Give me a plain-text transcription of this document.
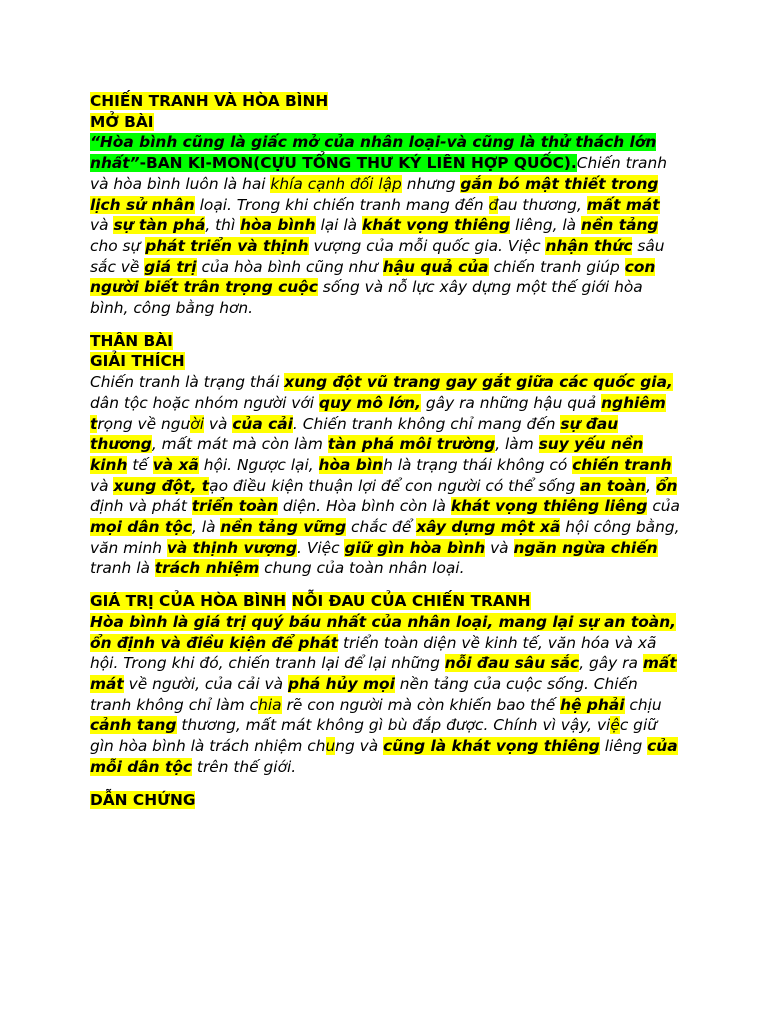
CHIẾN TRANH VÀ HÒA BÌNH

MỞ BÀI

“Hòa bình cũng là giấc mở của nhân loại-và cũng là thử thách lớn nhất”-BAN KI-MON(CỰU TỔNG THƯ KÝ LIÊN HỢP QUỐC).Chiến tranh và hòa bình luôn là hai khía cạnh đối lập nhưng gắn bó mật thiết trong lịch sử nhân loại. Trong khi chiến tranh mang đến đau thương, mất mát và sự tàn phá, thì hòa bình lại là khát vọng thiêng liêng, là nền tảng cho sự phát triển và thịnh vượng của mỗi quốc gia. Việc nhận thức sâu sắc về giá trị của hòa bình cũng như hậu quả của chiến tranh giúp con người biết trân trọng cuộc sống và nỗ lực xây dựng một thế giới hòa bình, công bằng hơn.

THÂN BÀI

GIẢI THÍCH

Chiến tranh là trạng thái xung đột vũ trang gay gắt giữa các quốc gia, dân tộc hoặc nhóm người với quy mô lớn, gây ra những hậu quả nghiêm trọng về người và của cải. Chiến tranh không chỉ mang đến sự đau thương, mất mát mà còn làm tàn phá môi trường, làm suy yếu nền kinh tế và xã hội. Ngược lại, hòa bình là trạng thái không có chiến tranh và xung đột, tạo điều kiện thuận lợi để con người có thể sống an toàn, ổn định và phát triển toàn diện. Hòa bình còn là khát vọng thiêng liêng của mọi dân tộc, là nền tảng vững chắc để xây dựng một xã hội công bằng, văn minh và thịnh vượng. Việc giữ gìn hòa bình và ngăn ngừa chiến tranh là trách nhiệm chung của toàn nhân loại.

GIÁ TRỊ CỦA HÒA BÌNH NỖI ĐAU CỦA CHIẾN TRANH

Hòa bình là giá trị quý báu nhất của nhân loại, mang lại sự an toàn, ổn định và điều kiện để phát triển toàn diện về kinh tế, văn hóa và xã hội. Trong khi đó, chiến tranh lại để lại những nỗi đau sâu sắc, gây ra mất mát về người, của cải và phá hủy mọi nền tảng của cuộc sống. Chiến tranh không chỉ làm chia rẽ con người mà còn khiến bao thế hệ phải chịu cảnh tang thương, mất mát không gì bù đắp được. Chính vì vậy, việc giữ gìn hòa bình là trách nhiệm chung và cũng là khát vọng thiêng liêng của mỗi dân tộc trên thế giới.

DẪN CHỨNG
